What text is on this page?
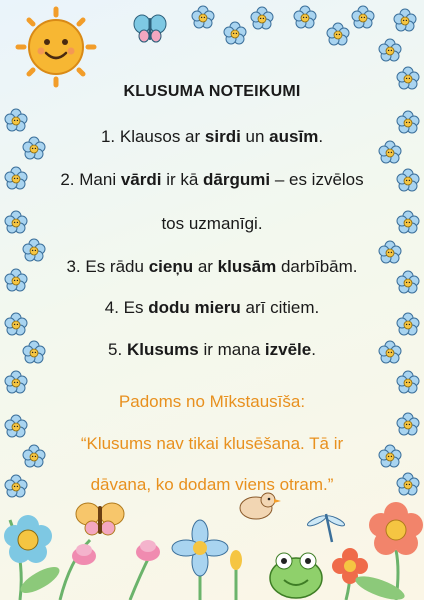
KLUSUMA NOTEIKUMI
1. Klausos ar sirdi un ausīm.
2. Mani vārdi ir kā dārgumi – es izvēlos
tos uzmanīgi.
3. Es rādu cieņu ar klusām darbībām.
4. Es dodu mieru arī citiem.
5. Klusums ir mana izvēle.
Padoms no Mīkstausīša:
“Klusums nav tikai klusēšana. Tā ir
dāvana, ko dodam viens otram.”
